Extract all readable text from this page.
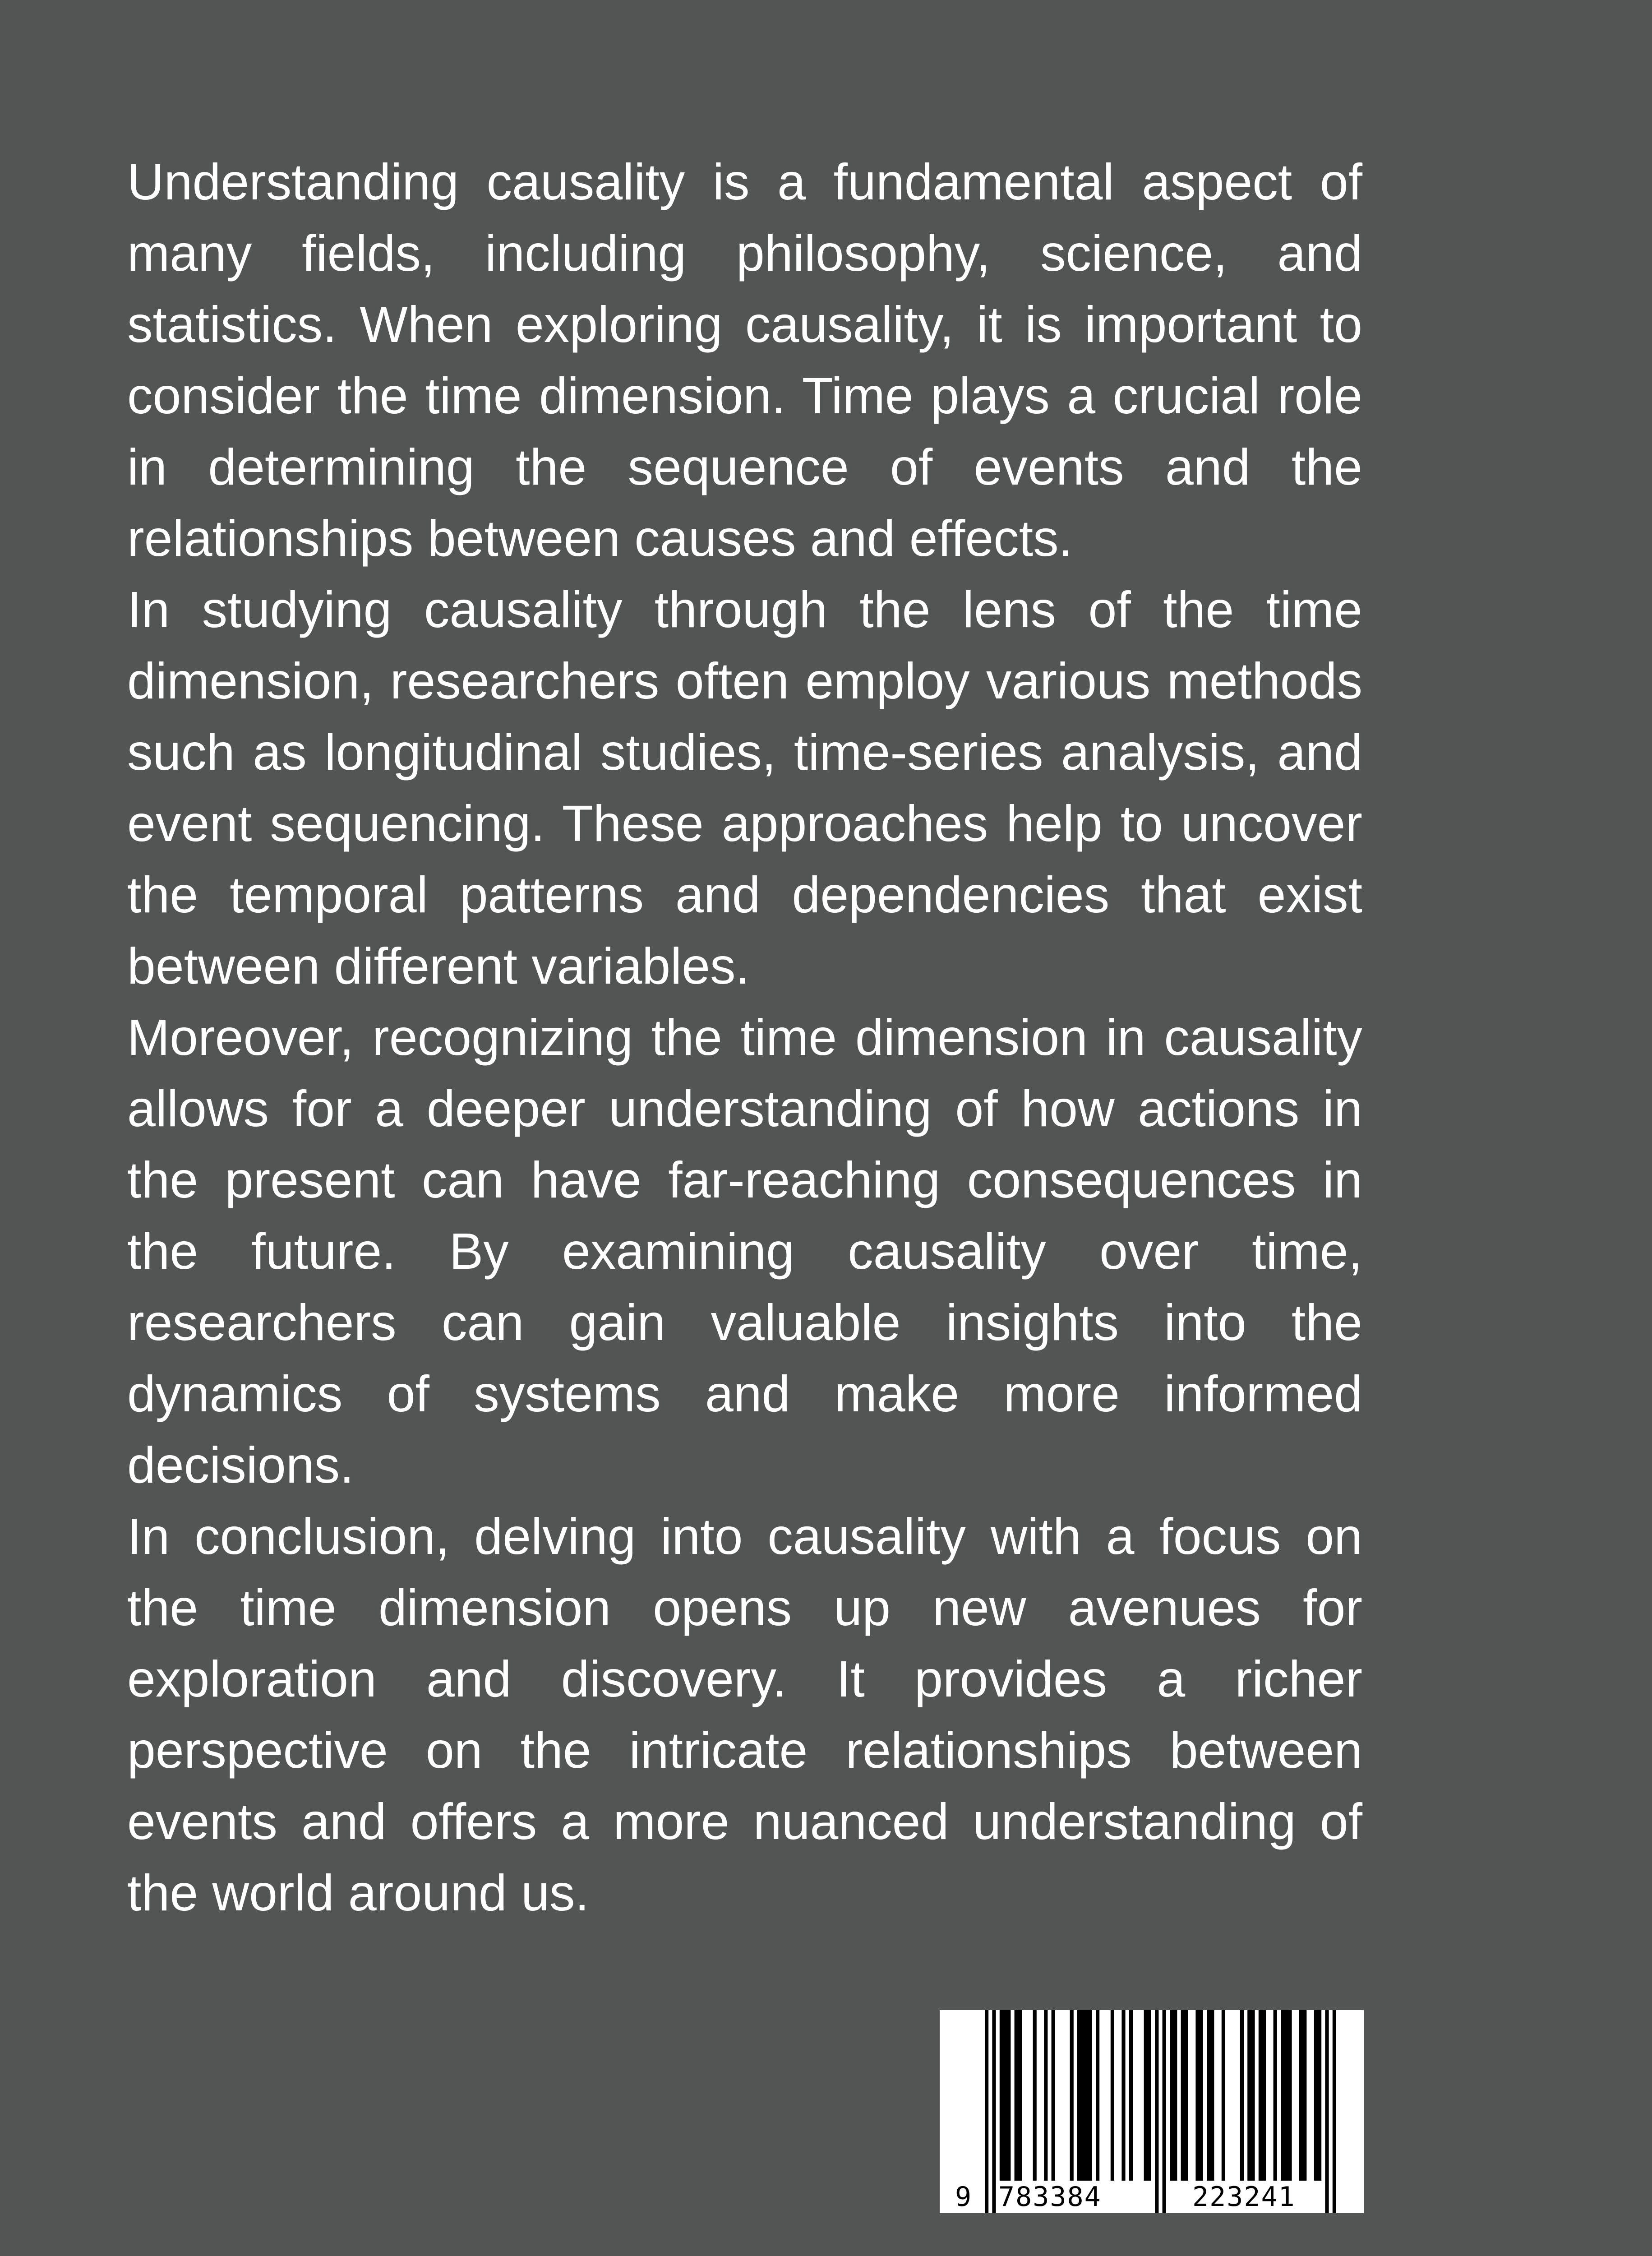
Understanding causality is a fundamental aspect of many fields, including philosophy, science, and statistics. When exploring causality, it is important to consider the time dimension. Time plays a crucial role in determining the sequence of events and the relationships between causes and effects.

In studying causality through the lens of the time dimension, researchers often employ various methods such as longitudinal studies, time-series analysis, and event sequencing. These approaches help to uncover the temporal patterns and dependencies that exist between different variables.

Moreover, recognizing the time dimension in causality allows for a deeper understanding of how actions in the present can have far-reaching consequences in the future. By examining causality over time, researchers can gain valuable insights into the dynamics of systems and make more informed decisions.

In conclusion, delving into causality with a focus on the time dimension opens up new avenues for exploration and discovery. It provides a richer perspective on the intricate relationships between events and offers a more nuanced understanding of the world around us.

9 783384	223241
